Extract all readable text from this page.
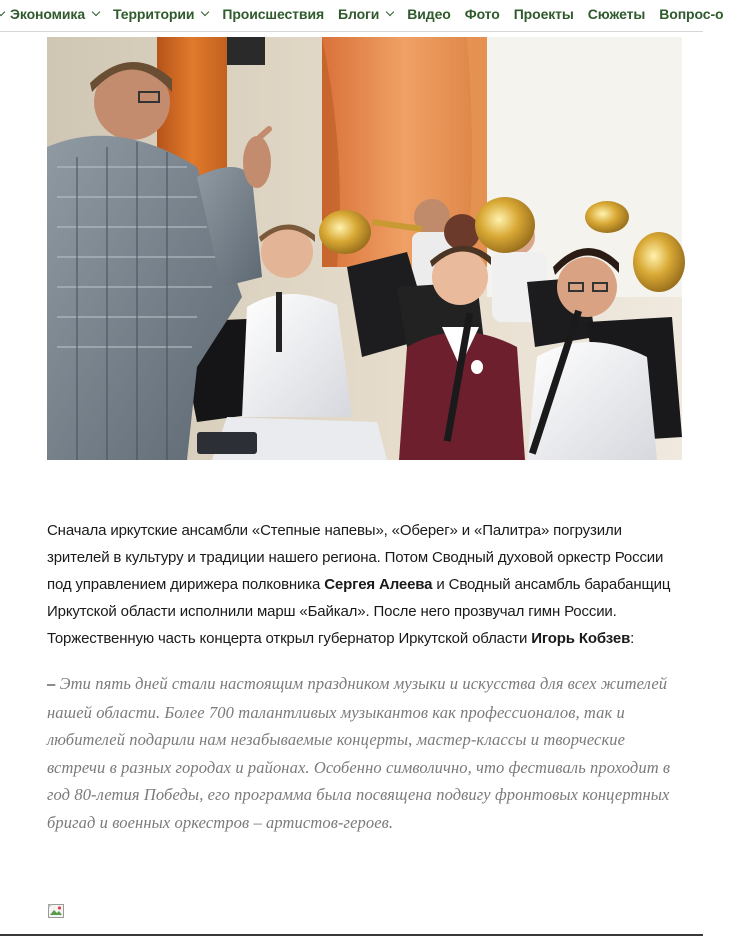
Экономика Территории Происшествия Блоги Видео Фото Проекты Сюжеты Вопрос-о

Сначала иркутские ансамбли «Степные напевы», «Оберег» и «Палитра» погрузили зрителей в культуру и традиции нашего региона. Потом Сводный духовой оркестр России под управлением дирижера полковника Сергея Алеева и Сводный ансамбль барабанщиц Иркутской области исполнили марш «Байкал». После него прозвучал гимн России. Торжественную часть концерта открыл губернатор Иркутской области Игорь Кобзев:

– Эти пять дней стали настоящим праздником музыки и искусства для всех жителей нашей области. Более 700 талантливых музыкантов как профессионалов, так и любителей подарили нам незабываемые концерты, мастер-классы и творческие встречи в разных городах и районах. Особенно символично, что фестиваль проходит в год 80-летия Победы, его программа была посвящена подвигу фронтовых концертных бригад и военных оркестров – артистов-героев.
